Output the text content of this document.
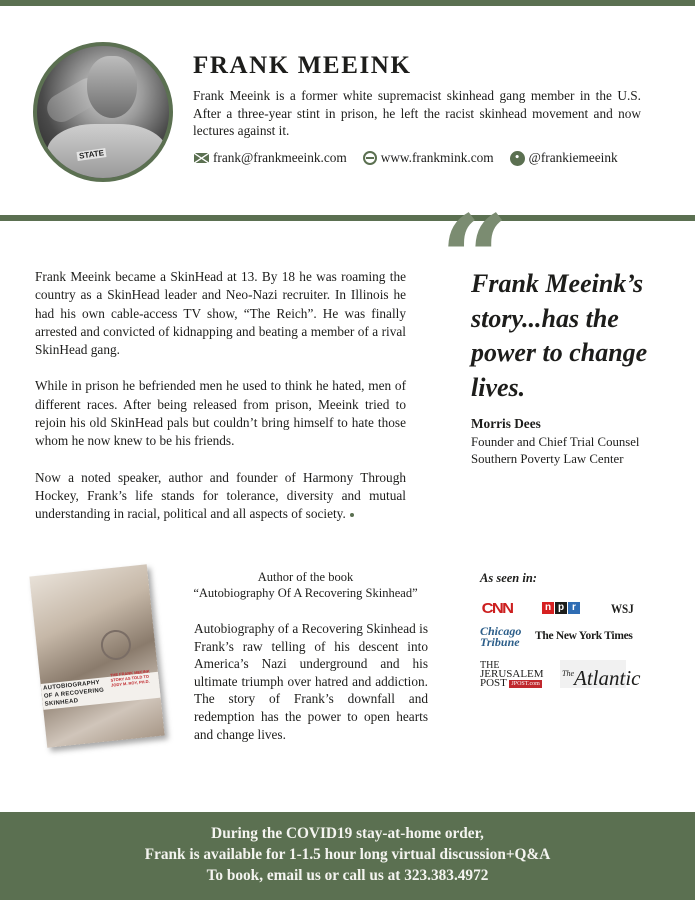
STATE
FRANK MEEINK

Frank Meeink is a former white supremacist skinhead gang member in the U.S. After a three-year stint in prison, he left the racist skinhead movement and now lectures against it.

frank@frankmeeink.com	www.frankmink.com	• @frankiemeeink

Frank Meeink became a SkinHead at 13. By 18 he was roaming the country as a SkinHead leader and Neo-Nazi recruiter. In Illinois he had his own cable-access TV show, “The Reich”. He was finally arrested and convicted of kidnapping and beating a member of a rival SkinHead gang.

While in prison he befriended men he used to think he hated, men of different races. After being released from prison, Meeink tried to rejoin his old SkinHead pals but couldn’t bring himself to hate those whom he now knew to be his friends.

Now a noted speaker, author and founder of Harmony Through Hockey, Frank’s life stands for tolerance, diversity and mutual understanding in racial, political and all aspects of society.

“
Frank Meeink’s story...has the power to change lives.
Morris Dees
Founder and Chief Trial Counsel
Southern Poverty Law Center
AUTOBIOGRAPHY OF A RECOVERING SKINHEAD
THE FRANK MEEINK STORY AS TOLD TO JODY M. ROY, PH.D.
Author of the book
“Autobiography Of A Recovering Skinhead”

Autobiography of a Recovering Skinhead is Frank’s raw telling of his descent into America’s Nazi underground and his ultimate triumph over hatred and addiction. The story of Frank’s downfall and redemption has the power to open hearts and change lives.

As seen in:
CNN	n p r	WSJ
Chicago
Tribune The New York Times
THE
JERUSALEM
POST JPOST.com
$^{The}$Atlantic
During the COVID19 stay-at-home order,
Frank is available for 1-1.5 hour long virtual discussion+Q&A
To book, email us or call us at 323.383.4972
